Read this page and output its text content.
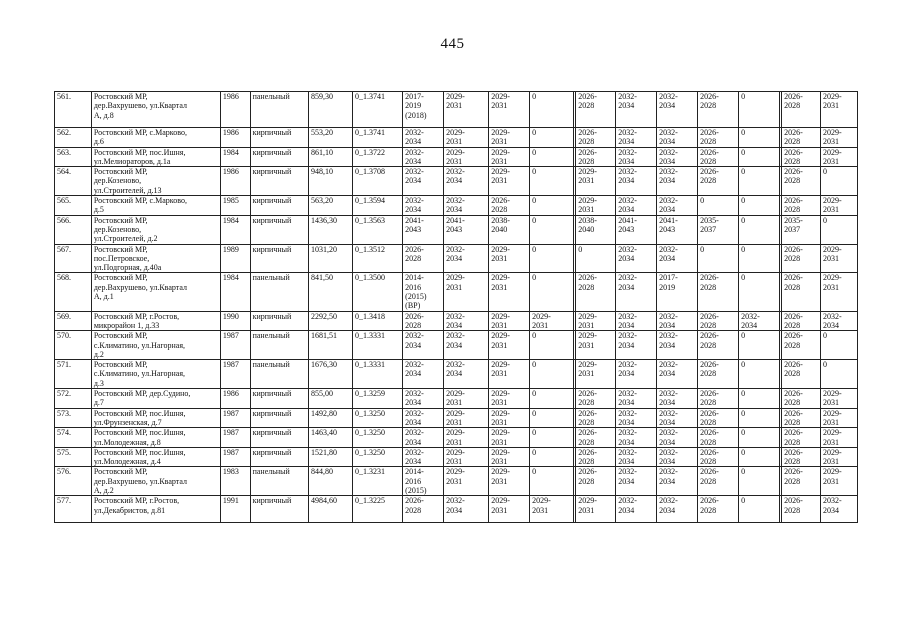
445
561.	Ростовский МР,
дер.Вахрушево, ул.Квартал
А, д.8	1986	панельный	859,30	0_1.3741	2017-
2019
(2018)	2029-
2031	2029-
2031	0		2026-
2028	2032-
2034	2032-
2034	2026-
2028	0		2026-
2028	2029-
2031
562.	Ростовский МР, с.Марково,
д.6	1986	кирпичный	553,20	0_1.3741	2032-
2034	2029-
2031	2029-
2031	0		2026-
2028	2032-
2034	2032-
2034	2026-
2028	0		2026-
2028	2029-
2031
563.	Ростовский МР, пос.Ишня,
ул.Мелиораторов, д.1а	1984	кирпичный	861,10	0_1.3722	2032-
2034	2029-
2031	2029-
2031	0		2026-
2028	2032-
2034	2032-
2034	2026-
2028	0		2026-
2028	2029-
2031
564.	Ростовский МР,
дер.Козеново,
ул.Строителей, д.13	1986	кирпичный	948,10	0_1.3708	2032-
2034	2032-
2034	2029-
2031	0		2029-
2031	2032-
2034	2032-
2034	2026-
2028	0		2026-
2028	0
565.	Ростовский МР, с.Марково,
д.5	1985	кирпичный	563,20	0_1.3594	2032-
2034	2032-
2034	2026-
2028	0		2029-
2031	2032-
2034	2032-
2034	0	0		2026-
2028	2029-
2031
566.	Ростовский МР,
дер.Козеново,
ул.Строителей, д.2	1984	кирпичный	1436,30	0_1.3563	2041-
2043	2041-
2043	2038-
2040	0		2038-
2040	2041-
2043	2041-
2043	2035-
2037	0		2035-
2037	0
567.	Ростовский МР,
пос.Петровское,
ул.Подгорная, д.40а	1989	кирпичный	1031,20	0_1.3512	2026-
2028	2032-
2034	2029-
2031	0		0	2032-
2034	2032-
2034	0	0		2026-
2028	2029-
2031
568.	Ростовский МР,
дер.Вахрушево, ул.Квартал
А, д.1	1984	панельный	841,50	0_1.3500	2014-
2016
(2015)
(ВР)	2029-
2031	2029-
2031	0		2026-
2028	2032-
2034	2017-
2019	2026-
2028	0		2026-
2028	2029-
2031
569.	Ростовский МР, г.Ростов,
микрорайон 1, д.33	1990	кирпичный	2292,50	0_1.3418	2026-
2028	2032-
2034	2029-
2031	2029-
2031		2029-
2031	2032-
2034	2032-
2034	2026-
2028	2032-
2034		2026-
2028	2032-
2034
570.	Ростовский МР,
с.Климатино, ул.Нагорная,
д.2	1987	панельный	1681,51	0_1.3331	2032-
2034	2032-
2034	2029-
2031	0		2029-
2031	2032-
2034	2032-
2034	2026-
2028	0		2026-
2028	0
571.	Ростовский МР,
с.Климатино, ул.Нагорная,
д.3	1987	панельный	1676,30	0_1.3331	2032-
2034	2032-
2034	2029-
2031	0		2029-
2031	2032-
2034	2032-
2034	2026-
2028	0		2026-
2028	0
572.	Ростовский МР, дер.Судино,
д.7	1986	кирпичный	855,00	0_1.3259	2032-
2034	2029-
2031	2029-
2031	0		2026-
2028	2032-
2034	2032-
2034	2026-
2028	0		2026-
2028	2029-
2031
573.	Ростовский МР, пос.Ишня,
ул.Фрунзенская, д.7	1987	кирпичный	1492,80	0_1.3250	2032-
2034	2029-
2031	2029-
2031	0		2026-
2028	2032-
2034	2032-
2034	2026-
2028	0		2026-
2028	2029-
2031
574.	Ростовский МР, пос.Ишня,
ул.Молодежная, д.8	1987	кирпичный	1463,40	0_1.3250	2032-
2034	2029-
2031	2029-
2031	0		2026-
2028	2032-
2034	2032-
2034	2026-
2028	0		2026-
2028	2029-
2031
575.	Ростовский МР, пос.Ишня,
ул.Молодежная, д.4	1987	кирпичный	1521,80	0_1.3250	2032-
2034	2029-
2031	2029-
2031	0		2026-
2028	2032-
2034	2032-
2034	2026-
2028	0		2026-
2028	2029-
2031
576.	Ростовский МР,
дер.Вахрушево, ул.Квартал
А, д.2	1983	панельный	844,80	0_1.3231	2014-
2016
(2015)	2029-
2031	2029-
2031	0		2026-
2028	2032-
2034	2032-
2034	2026-
2028	0		2026-
2028	2029-
2031
577.	Ростовский МР, г.Ростов,
ул.Декабристов, д.81	1991	кирпичный	4984,60	0_1.3225	2026-
2028	2032-
2034	2029-
2031	2029-
2031		2029-
2031	2032-
2034	2032-
2034	2026-
2028	0		2026-
2028	2032-
2034
